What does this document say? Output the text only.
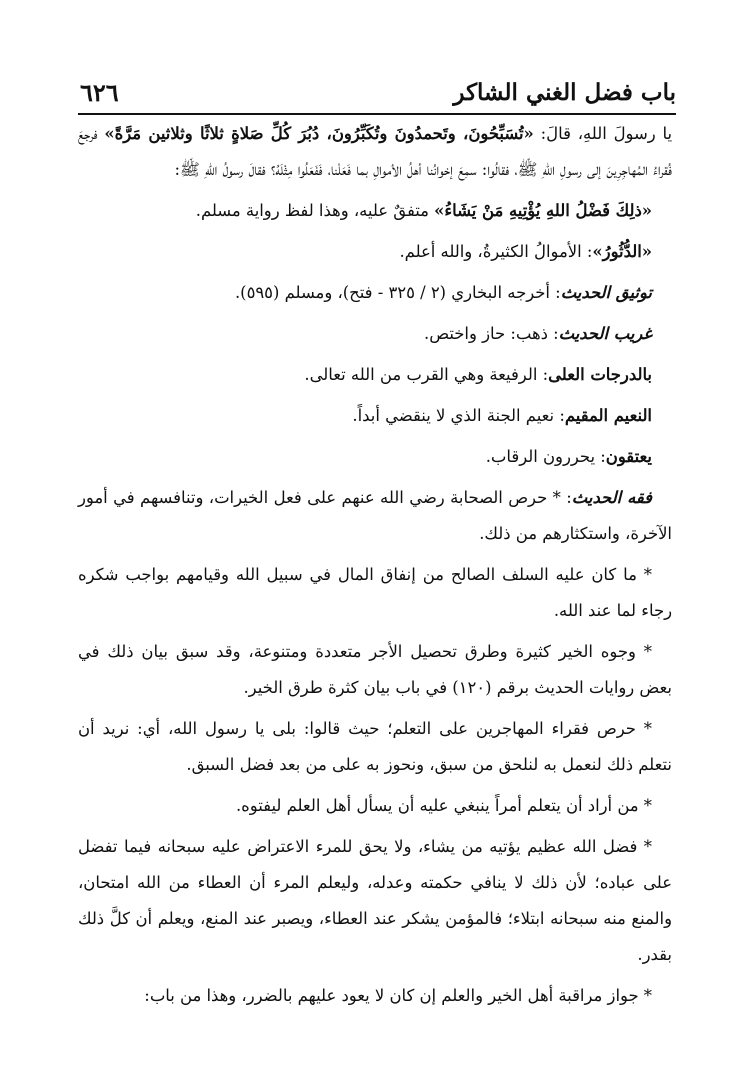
باب فضل الغني الشاكر
٦٢٦

يا رسولَ اللهِ، قالَ: «تُسَبِّحُونَ، وتَحمدُونَ وتُكَبِّرُونَ، دُبُرَ كُلِّ صَلاةٍ ثلاثًا وثلاثين مَرَّةً» فرجعَ فُقراءُ المُهاجِرِينَ إلى رسولِ اللهِ ﷺ، فقالُوا: سمِعَ إخوانُنا أهلُ الأموالِ بما فَعَلْنا، فَفَعَلُوا مِثْلَهُ؟ فقالَ رسولُ اللهِ ﷺ:

«ذلِكَ فَضْلُ اللهِ يُؤْتِيهِ مَنْ يَشَاءُ» متفقٌ عليه، وهذا لفظ رواية مسلم.

«الدُّثُورُ»: الأموالُ الكثيرةُ، والله أعلم.

توثيق الحديث: أخرجه البخاري (٢ / ٣٢٥ - فتح)، ومسلم (٥٩٥).

غريب الحديث: ذهب: حاز واختص.

بالدرجات العلى: الرفيعة وهي القرب من الله تعالى.

النعيم المقيم: نعيم الجنة الذي لا ينقضي أبداً.

يعتقون: يحررون الرقاب.

فقه الحديث: * حرص الصحابة رضي الله عنهم على فعل الخيرات، وتنافسهم في أمور الآخرة، واستكثارهم من ذلك.

* ما كان عليه السلف الصالح من إنفاق المال في سبيل الله وقيامهم بواجب شكره رجاء لما عند الله.

* وجوه الخير كثيرة وطرق تحصيل الأجر متعددة ومتنوعة، وقد سبق بيان ذلك في بعض روايات الحديث برقم (١٢٠) في باب بيان كثرة طرق الخير.

* حرص فقراء المهاجرين على التعلم؛ حيث قالوا: بلى يا رسول الله، أي: نريد أن نتعلم ذلك لنعمل به لنلحق من سبق، ونحوز به على من بعد فضل السبق.

* من أراد أن يتعلم أمراً ينبغي عليه أن يسأل أهل العلم ليفتوه.

* فضل الله عظيم يؤتيه من يشاء، ولا يحق للمرء الاعتراض عليه سبحانه فيما تفضل على عباده؛ لأن ذلك لا ينافي حكمته وعدله، وليعلم المرء أن العطاء من الله امتحان، والمنع منه سبحانه ابتلاء؛ فالمؤمن يشكر عند العطاء، ويصبر عند المنع، ويعلم أن كلَّ ذلك بقدر.

* جواز مراقبة أهل الخير والعلم إن كان لا يعود عليهم بالضرر، وهذا من باب:
